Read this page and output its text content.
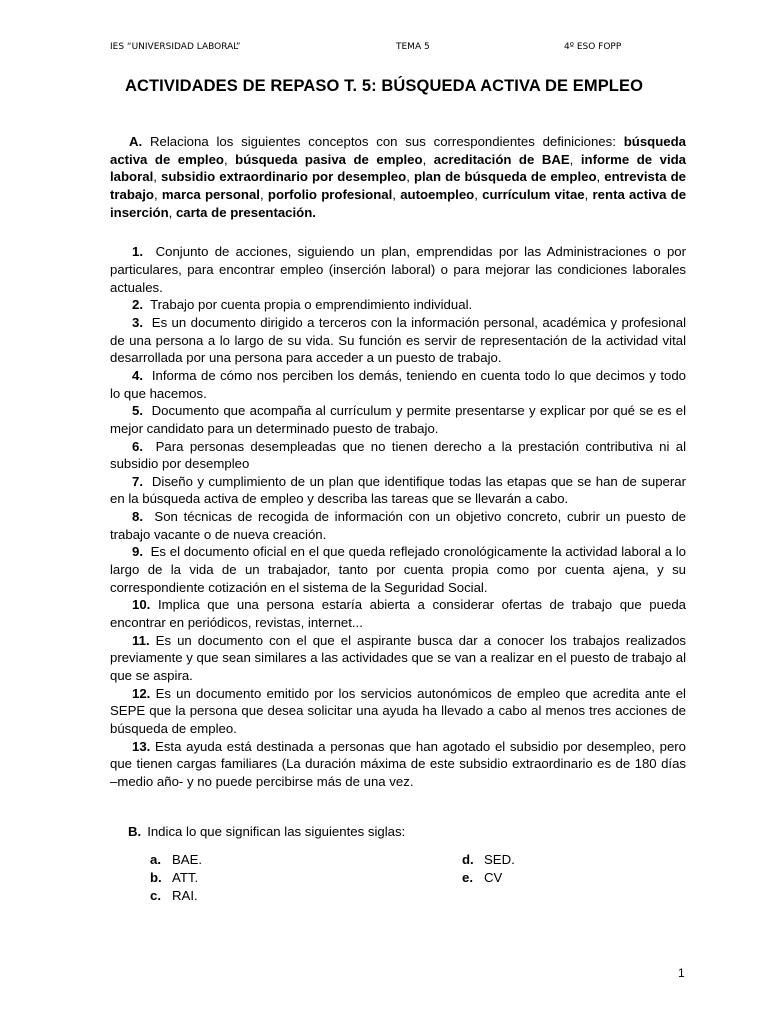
IES “UNIVERSIDAD LABORAL”	TEMA 5	4º ESO FOPP
ACTIVIDADES DE REPASO T. 5: BÚSQUEDA ACTIVA DE EMPLEO

A. Relaciona los siguientes conceptos con sus correspondientes definiciones: búsqueda activa de empleo, búsqueda pasiva de empleo, acreditación de BAE, informe de vida laboral, subsidio extraordinario por desempleo, plan de búsqueda de empleo, entrevista de trabajo, marca personal, porfolio profesional, autoempleo, currículum vitae, renta activa de inserción, carta de presentación.

1. Conjunto de acciones, siguiendo un plan, emprendidas por las Administraciones o por particulares, para encontrar empleo (inserción laboral) o para mejorar las condiciones laborales actuales.

2. Trabajo por cuenta propia o emprendimiento individual.

3. Es un documento dirigido a terceros con la información personal, académica y profesional de una persona a lo largo de su vida. Su función es servir de representación de la actividad vital desarrollada por una persona para acceder a un puesto de trabajo.

4. Informa de cómo nos perciben los demás, teniendo en cuenta todo lo que decimos y todo lo que hacemos.

5. Documento que acompaña al currículum y permite presentarse y explicar por qué se es el mejor candidato para un determinado puesto de trabajo.

6. Para personas desempleadas que no tienen derecho a la prestación contributiva ni al subsidio por desempleo

7. Diseño y cumplimiento de un plan que identifique todas las etapas que se han de superar en la búsqueda activa de empleo y describa las tareas que se llevarán a cabo.

8. Son técnicas de recogida de información con un objetivo concreto, cubrir un puesto de trabajo vacante o de nueva creación.

9. Es el documento oficial en el que queda reflejado cronológicamente la actividad laboral a lo largo de la vida de un trabajador, tanto por cuenta propia como por cuenta ajena, y su correspondiente cotización en el sistema de la Seguridad Social.

10. Implica que una persona estaría abierta a considerar ofertas de trabajo que pueda encontrar en periódicos, revistas, internet...

11. Es un documento con el que el aspirante busca dar a conocer los trabajos realizados previamente y que sean similares a las actividades que se van a realizar en el puesto de trabajo al que se aspira.

12. Es un documento emitido por los servicios autonómicos de empleo que acredita ante el SEPE que la persona que desea solicitar una ayuda ha llevado a cabo al menos tres acciones de búsqueda de empleo.

13. Esta ayuda está destinada a personas que han agotado el subsidio por desempleo, pero que tienen cargas familiares (La duración máxima de este subsidio extraordinario es de 180 días –medio año- y no puede percibirse más de una vez.

B. Indica lo que significan las siguientes siglas:
a. BAE.
b. ATT.
c. RAI.
d. SED.
e. CV
1
